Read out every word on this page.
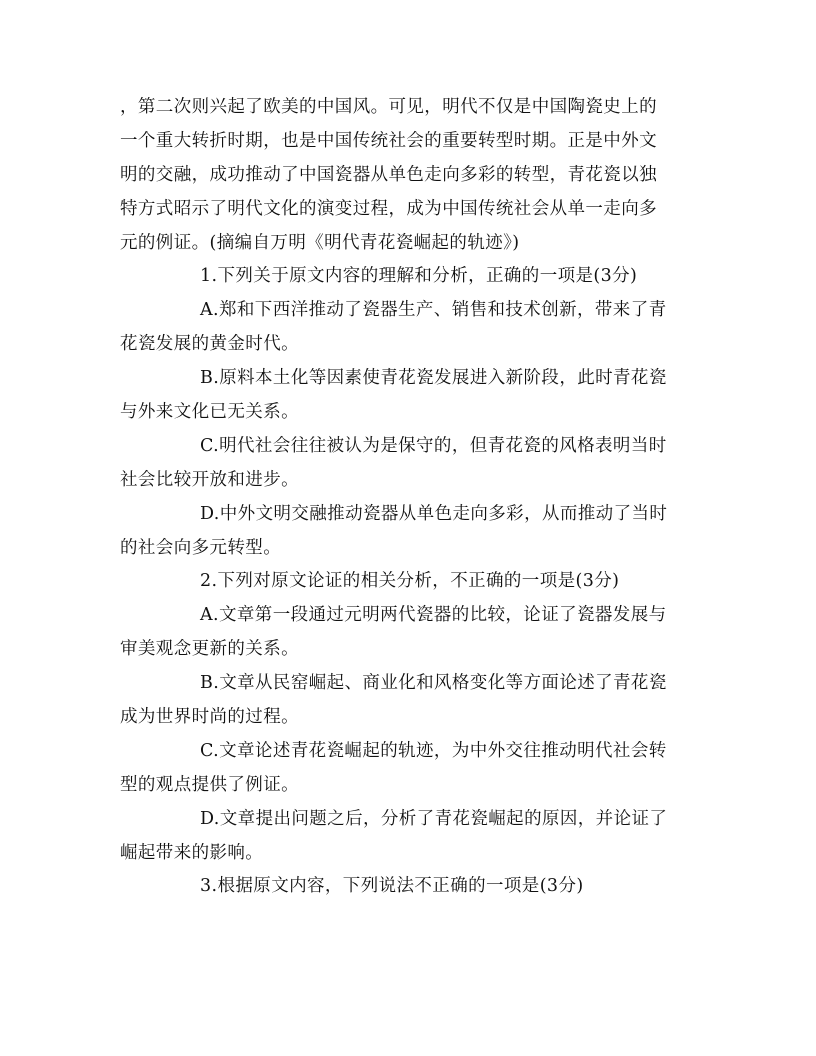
，第二次则兴起了欧美的中国风。可见，明代不仅是中国陶瓷史上的
一个重大转折时期，也是中国传统社会的重要转型时期。正是中外文
明的交融，成功推动了中国瓷器从单色走向多彩的转型，青花瓷以独
特方式昭示了明代文化的演变过程，成为中国传统社会从单一走向多
元的例证。(摘编自万明《明代青花瓷崛起的轨迹》)
1.下列关于原文内容的理解和分析，正确的一项是(3分)
A.郑和下西洋推动了瓷器生产、销售和技术创新，带来了青
花瓷发展的黄金时代。
B.原料本土化等因素使青花瓷发展进入新阶段，此时青花瓷
与外来文化已无关系。
C.明代社会往往被认为是保守的，但青花瓷的风格表明当时
社会比较开放和进步。
D.中外文明交融推动瓷器从单色走向多彩，从而推动了当时
的社会向多元转型。
2.下列对原文论证的相关分析，不正确的一项是(3分)
A.文章第一段通过元明两代瓷器的比较，论证了瓷器发展与
审美观念更新的关系。
B.文章从民窑崛起、商业化和风格变化等方面论述了青花瓷
成为世界时尚的过程。
C.文章论述青花瓷崛起的轨迹，为中外交往推动明代社会转
型的观点提供了例证。
D.文章提出问题之后，分析了青花瓷崛起的原因，并论证了
崛起带来的影响。
3.根据原文内容，下列说法不正确的一项是(3分)
